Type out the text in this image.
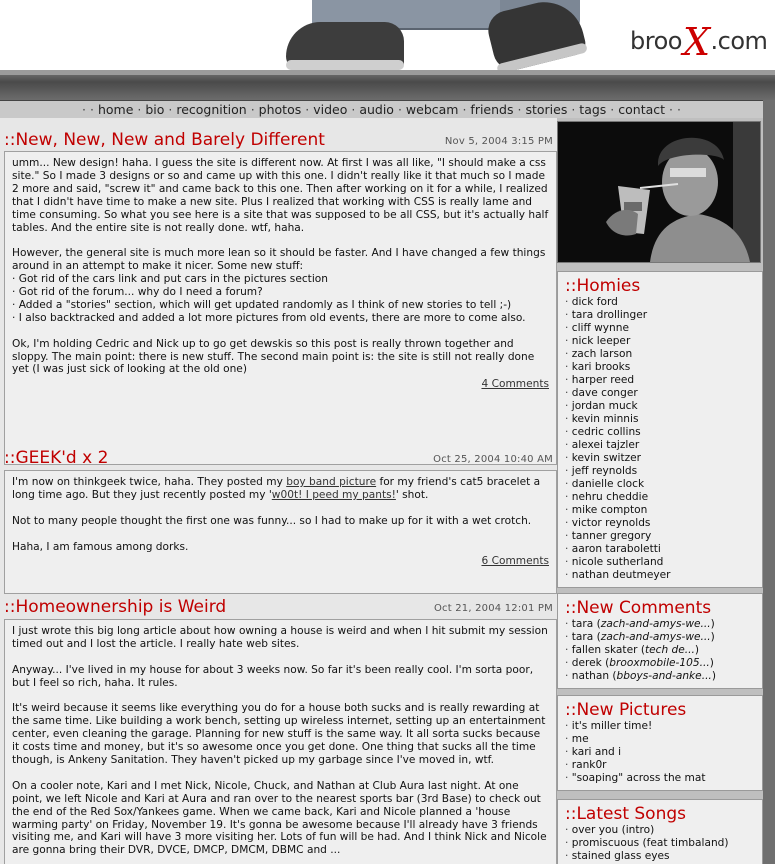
brooX.com
· · home · bio · recognition · photos · video · audio · webcam · friends · stories · tags · contact · ·
::New, New, New and Barely Different	Nov 5, 2004 3:15 PM

umm... New design! haha. I guess the site is different now. At first I was all like, "I should make a css site." So I made 3 designs or so and came up with this one. I didn't really like it that much so I made 2 more and said, "screw it" and came back to this one. Then after working on it for a while, I realized that I didn't have time to make a new site. Plus I realized that working with CSS is really lame and time consuming. So what you see here is a site that was supposed to be all CSS, but it's actually half tables. And the entire site is not really done. wtf, haha.

However, the general site is much more lean so it should be faster. And I have changed a few things around in an attempt to make it nicer. Some new stuff:
· Got rid of the cars link and put cars in the pictures section
· Got rid of the forum... why do I need a forum?
· Added a "stories" section, which will get updated randomly as I think of new stories to tell ;-)

· I also backtracked and added a lot more pictures from old events, there are more to come also.

Ok, I'm holding Cedric and Nick up to go get dewskis so this post is really thrown together and sloppy. The main point: there is new stuff. The second main point is: the site is still not really done yet (I was just sick of looking at the old one)

4 Comments
::GEEK'd x 2	Oct 25, 2004 10:40 AM

I'm now on thinkgeek twice, haha. They posted my boy band picture for my friend's cat5 bracelet a long time ago. But they just recently posted my 'w00t! I peed my pants!' shot.

Not to many people thought the first one was funny... so I had to make up for it with a wet crotch.

Haha, I am famous among dorks.

6 Comments
::Homeownership is Weird	Oct 21, 2004 12:01 PM

I just wrote this big long article about how owning a house is weird and when I hit submit my session timed out and I lost the article. I really hate web sites.

Anyway... I've lived in my house for about 3 weeks now. So far it's been really cool. I'm sorta poor, but I feel so rich, haha. It rules.

It's weird because it seems like everything you do for a house both sucks and is really rewarding at the same time. Like building a work bench, setting up wireless internet, setting up an entertainment center, even cleaning the garage. Planning for new stuff is the same way. It all sorta sucks because it costs time and money, but it's so awesome once you get done. One thing that sucks all the time though, is Ankeny Sanitation. They haven't picked up my garbage since I've moved in, wtf.

On a cooler note, Kari and I met Nick, Nicole, Chuck, and Nathan at Club Aura last night. At one point, we left Nicole and Kari at Aura and ran over to the nearest sports bar (3rd Base) to check out the end of the Red Sox/Yankees game. When we came back, Kari and Nicole planned a 'house warming party' on Friday, November 19. It's gonna be awesome because I'll already have 3 friends visiting me, and Kari will have 3 more visiting her. Lots of fun will be had. And I think Nick and Nicole are gonna bring their DVR, DVCE, DMCP, DMCM, DBMC and ...

::Homies
· dick ford
· tara drollinger
· cliff wynne
· nick leeper
· zach larson
· kari brooks
· harper reed
· dave conger
· jordan muck
· kevin minnis
· cedric collins
· alexei tajzler
· kevin switzer
· jeff reynolds
· danielle clock
· nehru cheddie
· mike compton
· victor reynolds
· tanner gregory
· aaron taraboletti
· nicole sutherland
· nathan deutmeyer
::New Comments
· tara (zach-and-amys-we...)
· tara (zach-and-amys-we...)
· fallen skater (tech de...)
· derek (brooxmobile-105...)
· nathan (bboys-and-anke...)
::New Pictures
· it's miller time!
· me
· kari and i
· rank0r
· "soaping" across the mat
::Latest Songs
· over you (intro)
· promiscuous (feat timbaland)
· stained glass eyes
